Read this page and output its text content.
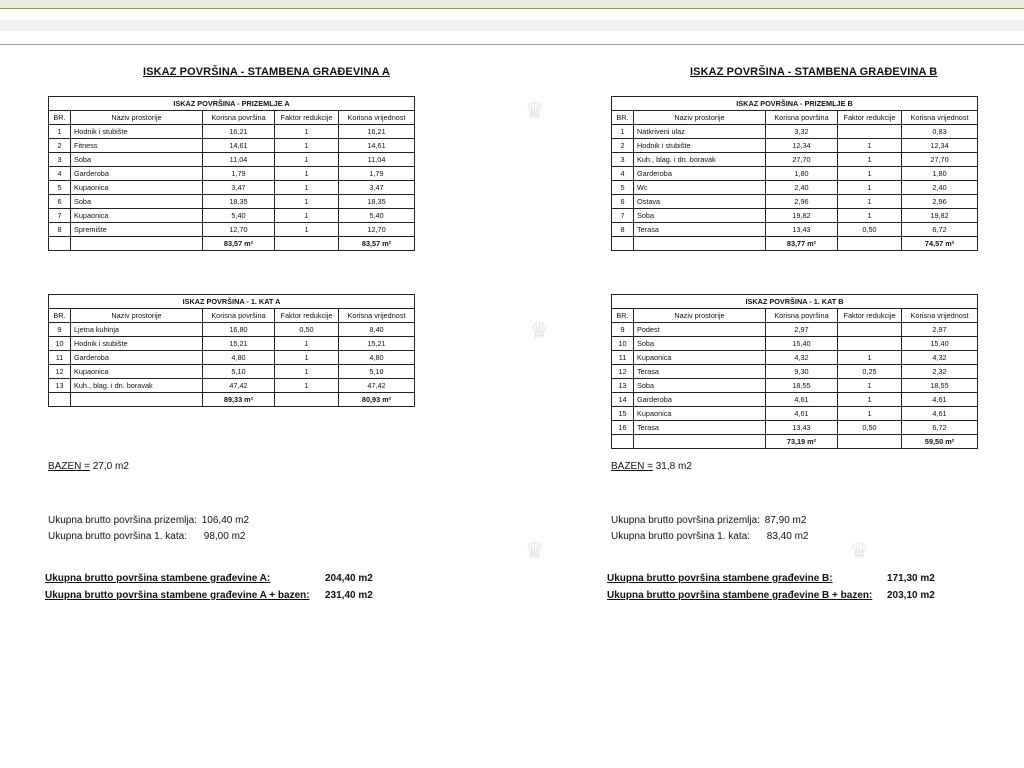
ISKAZ POVRŠINA - STAMBENA GRAĐEVINA A
ISKAZ POVRŠINA - PRIZEMLJE A				
BR.	Naziv prostorije	Korisna površina	Faktor redukcije	Korisna vrijednost
1	Hodnik i stubište	16,21	1	16,21
2	Fitness	14,61	1	14,61
3	Soba	11,04	1	11,04
4	Garderoba	1,79	1	1,79
5	Kupaonica	3,47	1	3,47
6	Soba	18,35	1	18,35
7	Kupaonica	5,40	1	5,40
8	Spremište	12,70	1	12,70
		83,57 m²		83,57 m²
ISKAZ POVRŠINA - 1. KAT A				
BR.	Naziv prostorije	Korisna površina	Faktor redukcije	Korisna vrijednost
9	Ljetna kuhinja	16,80	0,50	8,40
10	Hodnik i stubište	15,21	1	15,21
11	Garderoba	4,80	1	4,80
12	Kupaonica	5,10	1	5,10
13	Kuh., blag. i dn. boravak	47,42	1	47,42
		89,33 m²		80,93 m²
BAZEN = 27,0 m2
Ukupna brutto površina prizemlja: 106,40 m2
Ukupna brutto površina 1. kata: 98,00 m2
Ukupna brutto površina stambene građevine A:	204,40 m2
Ukupna brutto površina stambene građevine A + bazen: 231,40 m2
ISKAZ POVRŠINA - STAMBENA GRAĐEVINA B
ISKAZ POVRŠINA - PRIZEMLJE B				
BR.	Naziv prostorije	Korisna površina	Faktor redukcije	Korisna vrijednost
1	Natkriveni ulaz	3,32		0,83
2	Hodnik i stubište	12,34	1	12,34
3	Kuh., blag. i dn. boravak	27,70	1	27,70
4	Garderoba	1,80	1	1,80
5	Wc	2,40	1	2,40
6	Ostava	2,96	1	2,96
7	Soba	19,82	1	19,82
8	Terasa	13,43	0,50	6,72
		83,77 m²		74,57 m²
ISKAZ POVRŠINA - 1. KAT B				
BR.	Naziv prostorije	Korisna površina	Faktor redukcije	Korisna vrijednost
9	Podest	2,97		2,97
10	Soba	15,40		15,40
11	Kupaonica	4,32	1	4,32
12	Terasa	9,30	0,25	2,32
13	Soba	18,55	1	18,55
14	Garderoba	4,61	1	4,61
15	Kupaonica	4,61	1	4,61
16	Terasa	13,43	0,50	6,72
		73,19 m²		59,50 m²
BAZEN = 31,8 m2
Ukupna brutto površina prizemlja: 87,90 m2
Ukupna brutto površina 1. kata: 83,40 m2
Ukupna brutto površina stambene građevine B:	171,30 m2
Ukupna brutto površina stambene građevine B + bazen: 203,10 m2
♛
♛
♛
♛
